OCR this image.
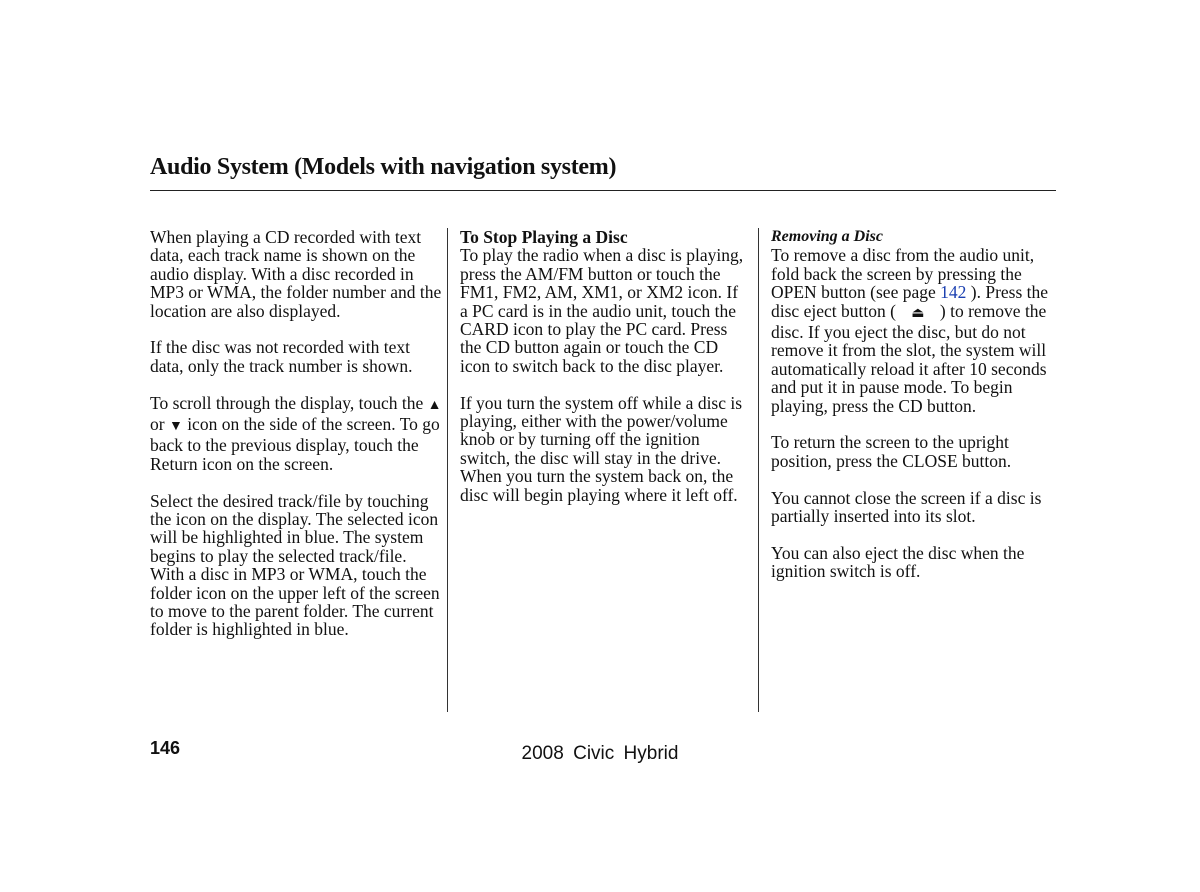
Audio System (Models with navigation system)

When playing a CD recorded with text data, each track name is shown on the audio display. With a disc recorded in MP3 or WMA, the folder number and the location are also displayed.

If the disc was not recorded with text data, only the track number is shown.

To scroll through the display, touch the ▲ or ▼ icon on the side of the screen. To go back to the previous display, touch the Return icon on the screen.

Select the desired track/file by touching the icon on the display. The selected icon will be highlighted in blue. The system begins to play the selected track/file. With a disc in MP3 or WMA, touch the folder icon on the upper left of the screen to move to the parent folder. The current folder is highlighted in blue.

To Stop Playing a Disc

To play the radio when a disc is playing, press the AM/FM button or touch the FM1, FM2, AM, XM1, or XM2 icon. If a PC card is in the audio unit, touch the CARD icon to play the PC card. Press the CD button again or touch the CD icon to switch back to the disc player.

If you turn the system off while a disc is playing, either with the power/volume knob or by turning off the ignition switch, the disc will stay in the drive. When you turn the system back on, the disc will begin playing where it left off.

Removing a Disc

To remove a disc from the audio unit, fold back the screen by pressing the OPEN button (see page 142 ). Press the disc eject button ( ⏏ ) to remove the disc. If you eject the disc, but do not remove it from the slot, the system will automatically reload it after 10 seconds and put it in pause mode. To begin playing, press the CD button.

To return the screen to the upright position, press the CLOSE button.

You cannot close the screen if a disc is partially inserted into its slot.

You can also eject the disc when the ignition switch is off.

146	2008 Civic Hybrid
